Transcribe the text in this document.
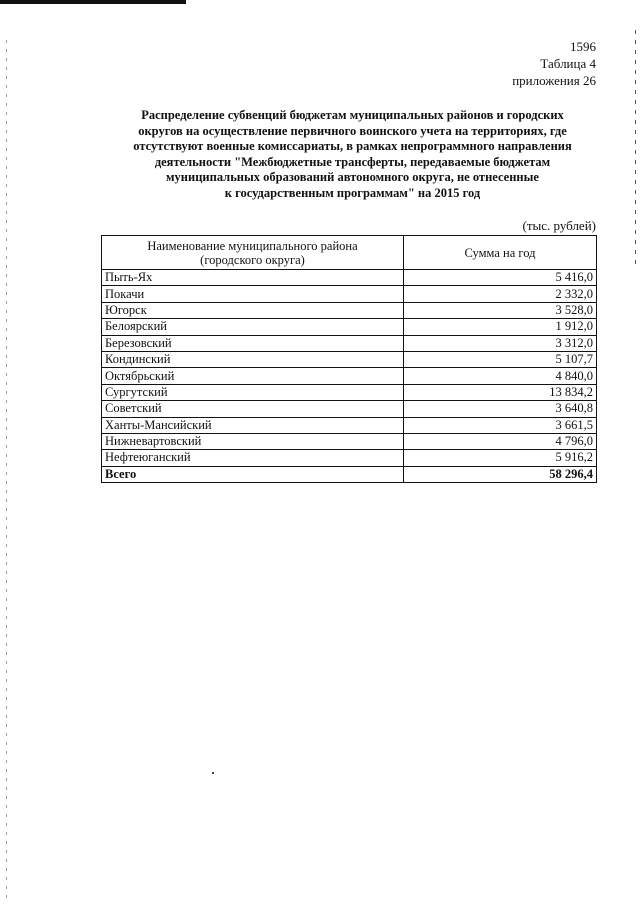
1596
Таблица 4
приложения 26
Распределение субвенций бюджетам муниципальных районов и городских
округов на осуществление первичного воинского учета на территориях, где
отсутствуют военные комиссариаты, в рамках непрограммного направления
деятельности "Межбюджетные трансферты, передаваемые бюджетам
муниципальных образований автономного округа, не отнесенные
к государственным программам" на 2015 год
(тыс. рублей)
Наименование муниципального района
(городского округа)	Сумма на год
Пыть-Ях	5 416,0
Покачи	2 332,0
Югорск	3 528,0
Белоярский	1 912,0
Березовский	3 312,0
Кондинский	5 107,7
Октябрьский	4 840,0
Сургутский	13 834,2
Советский	3 640,8
Ханты-Мансийский	3 661,5
Нижневартовский	4 796,0
Нефтеюганский	5 916,2
Всего	58 296,4
